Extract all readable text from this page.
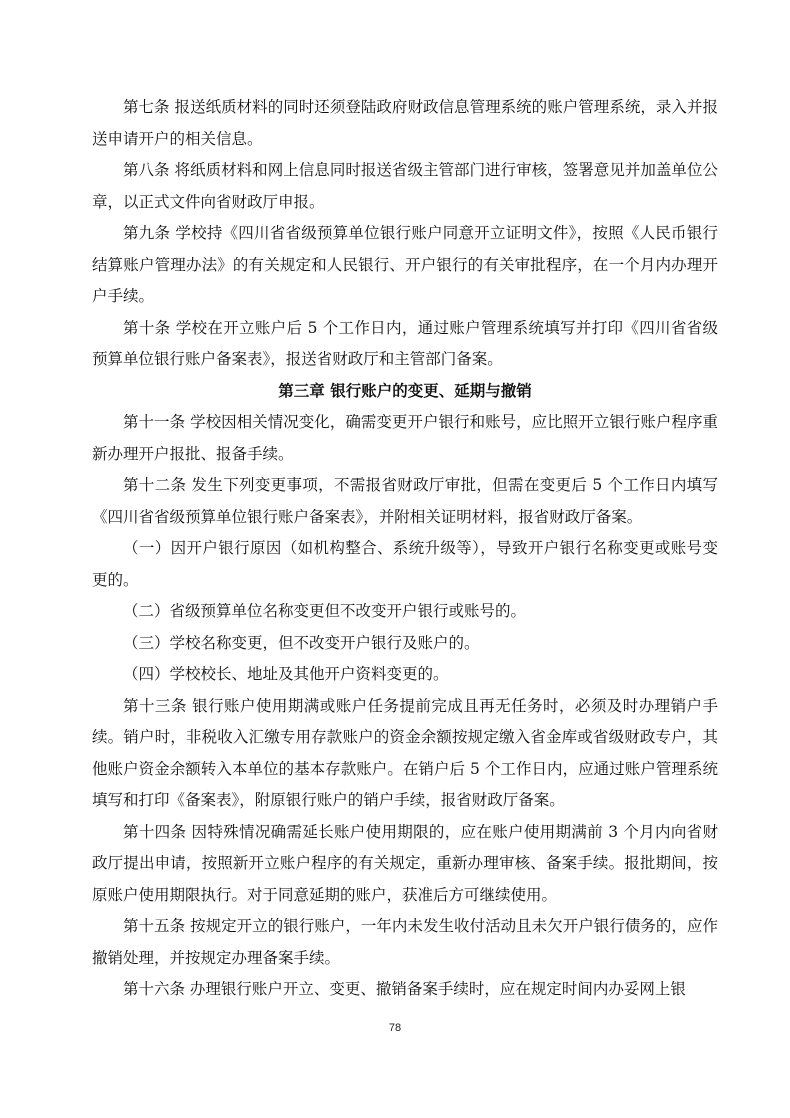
第七条 报送纸质材料的同时还须登陆政府财政信息管理系统的账户管理系统，录入并报送申请开户的相关信息。

第八条 将纸质材料和网上信息同时报送省级主管部门进行审核，签署意见并加盖单位公章，以正式文件向省财政厅申报。

第九条 学校持《四川省省级预算单位银行账户同意开立证明文件》，按照《人民币银行结算账户管理办法》的有关规定和人民银行、开户银行的有关审批程序，在一个月内办理开户手续。

第十条 学校在开立账户后 5 个工作日内，通过账户管理系统填写并打印《四川省省级预算单位银行账户备案表》，报送省财政厅和主管部门备案。

第三章 银行账户的变更、延期与撤销

第十一条 学校因相关情况变化，确需变更开户银行和账号，应比照开立银行账户程序重新办理开户报批、报备手续。

第十二条 发生下列变更事项，不需报省财政厅审批，但需在变更后 5 个工作日内填写《四川省省级预算单位银行账户备案表》，并附相关证明材料，报省财政厅备案。

（一）因开户银行原因（如机构整合、系统升级等），导致开户银行名称变更或账号变更的。

（二）省级预算单位名称变更但不改变开户银行或账号的。

（三）学校名称变更，但不改变开户银行及账户的。

（四）学校校长、地址及其他开户资料变更的。

第十三条 银行账户使用期满或账户任务提前完成且再无任务时，必须及时办理销户手续。销户时，非税收入汇缴专用存款账户的资金余额按规定缴入省金库或省级财政专户，其他账户资金余额转入本单位的基本存款账户。在销户后 5 个工作日内，应通过账户管理系统填写和打印《备案表》，附原银行账户的销户手续，报省财政厅备案。

第十四条 因特殊情况确需延长账户使用期限的，应在账户使用期满前 3 个月内向省财政厅提出申请，按照新开立账户程序的有关规定，重新办理审核、备案手续。报批期间，按原账户使用期限执行。对于同意延期的账户，获准后方可继续使用。

第十五条 按规定开立的银行账户，一年内未发生收付活动且未欠开户银行债务的，应作撤销处理，并按规定办理备案手续。

第十六条 办理银行账户开立、变更、撤销备案手续时，应在规定时间内办妥网上银

78
